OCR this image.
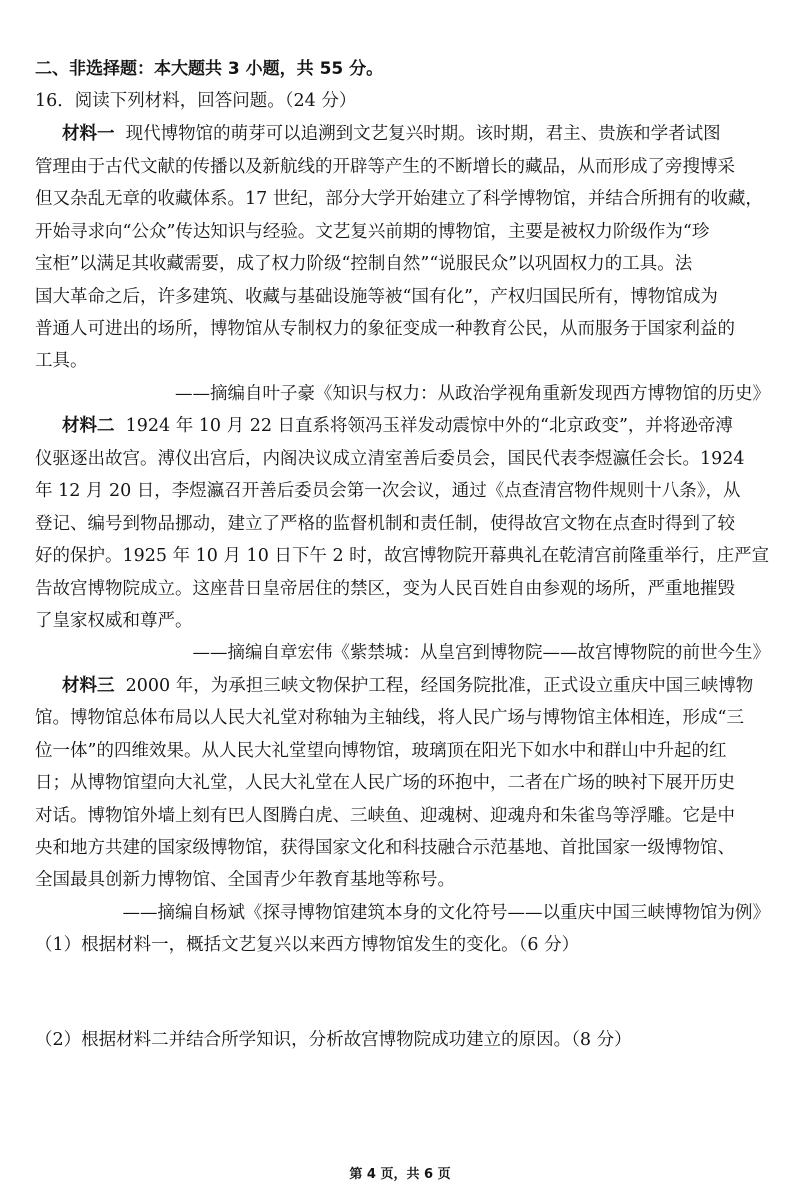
二、非选择题：本大题共 3 小题，共 55 分。
16．阅读下列材料，回答问题。（24 分）
材料一 现代博物馆的萌芽可以追溯到文艺复兴时期。该时期，君主、贵族和学者试图
管理由于古代文献的传播以及新航线的开辟等产生的不断增长的藏品，从而形成了旁搜博采
但又杂乱无章的收藏体系。17 世纪，部分大学开始建立了科学博物馆，并结合所拥有的收藏，
开始寻求向“公众”传达知识与经验。文艺复兴前期的博物馆，主要是被权力阶级作为“珍
宝柜”以满足其收藏需要，成了权力阶级“控制自然”“说服民众”以巩固权力的工具。法
国大革命之后，许多建筑、收藏与基础设施等被“国有化”，产权归国民所有，博物馆成为
普通人可进出的场所，博物馆从专制权力的象征变成一种教育公民，从而服务于国家利益的
工具。
——摘编自叶子豪《知识与权力：从政治学视角重新发现西方博物馆的历史》
材料二 1924 年 10 月 22 日直系将领冯玉祥发动震惊中外的“北京政变”，并将逊帝溥
仪驱逐出故宫。溥仪出宫后，内阁决议成立清室善后委员会，国民代表李煜瀛任会长。1924
年 12 月 20 日，李煜瀛召开善后委员会第一次会议，通过《点查清宫物件规则十八条》，从
登记、编号到物品挪动，建立了严格的监督机制和责任制，使得故宫文物在点查时得到了较
好的保护。1925 年 10 月 10 日下午 2 时，故宫博物院开幕典礼在乾清宫前隆重举行，庄严宣
告故宫博物院成立。这座昔日皇帝居住的禁区，变为人民百姓自由参观的场所，严重地摧毁
了皇家权威和尊严。
——摘编自章宏伟《紫禁城：从皇宫到博物院——故宫博物院的前世今生》
材料三 2000 年，为承担三峡文物保护工程，经国务院批准，正式设立重庆中国三峡博物
馆。博物馆总体布局以人民大礼堂对称轴为主轴线，将人民广场与博物馆主体相连，形成“三
位一体”的四维效果。从人民大礼堂望向博物馆，玻璃顶在阳光下如水中和群山中升起的红
日；从博物馆望向大礼堂，人民大礼堂在人民广场的环抱中，二者在广场的映衬下展开历史
对话。博物馆外墙上刻有巴人图腾白虎、三峡鱼、迎魂树、迎魂舟和朱雀鸟等浮雕。它是中
央和地方共建的国家级博物馆，获得国家文化和科技融合示范基地、首批国家一级博物馆、
全国最具创新力博物馆、全国青少年教育基地等称号。
——摘编自杨斌《探寻博物馆建筑本身的文化符号——以重庆中国三峡博物馆为例》
（1）根据材料一，概括文艺复兴以来西方博物馆发生的变化。（6 分）
（2）根据材料二并结合所学知识，分析故宫博物院成功建立的原因。（8 分）
第 4 页，共 6 页
